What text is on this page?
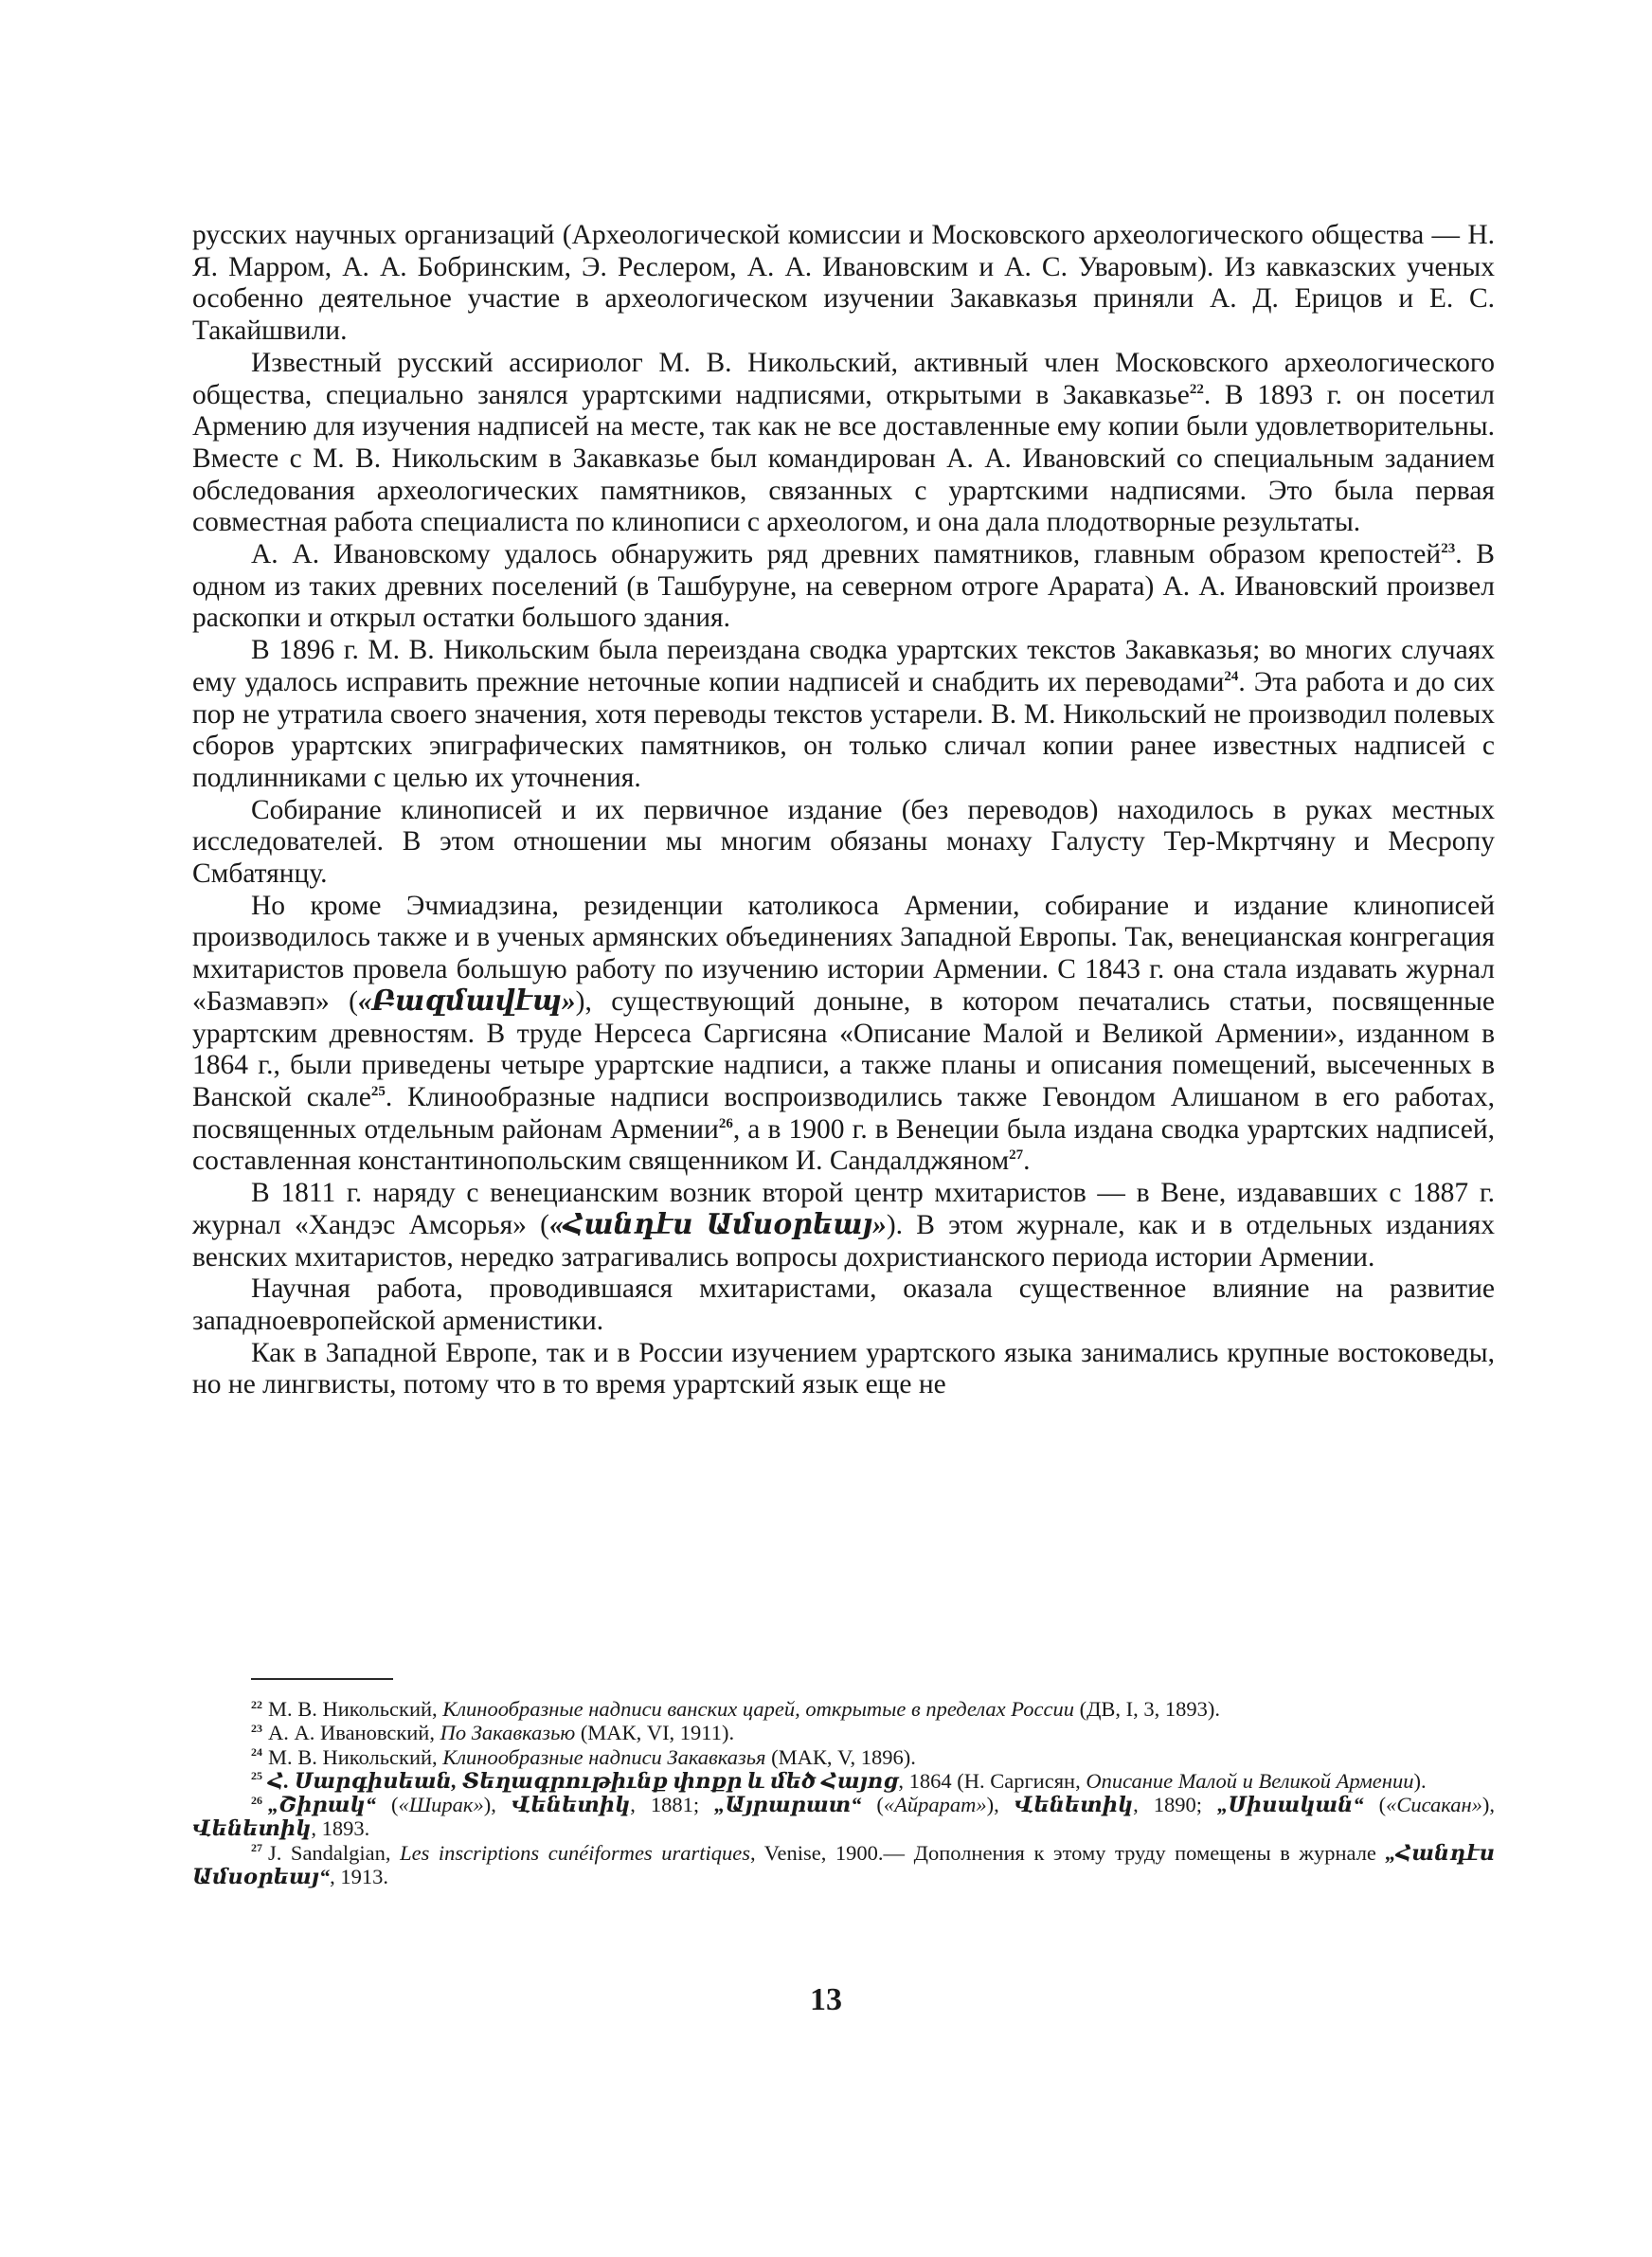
русских научных организаций (Археологической комиссии и Московского археологического общества — Н. Я. Марром, А. А. Бобринским, Э. Реслером, А. А. Ивановским и А. С. Уваровым). Из кавказских ученых особенно деятельное участие в археологическом изучении Закавказья приняли А. Д. Ерицов и Е. С. Такайшвили.

Известный русский ассириолог М. В. Никольский, активный член Московского археологического общества, специально занялся урартскими надписями, открытыми в Закавказье$^{22}$. В 1893 г. он посетил Армению для изучения надписей на месте, так как не все доставленные ему копии были удовлетворительны. Вместе с М. В. Никольским в Закавказье был командирован А. А. Ивановский со специальным заданием обследования археологических памятников, связанных с урартскими надписями. Это была первая совместная работа специалиста по клинописи с археологом, и она дала плодотворные результаты.

А. А. Ивановскому удалось обнаружить ряд древних памятников, главным образом крепостей$^{23}$. В одном из таких древних поселений (в Ташбуруне, на северном отроге Арарата) А. А. Ивановский произвел раскопки и открыл остатки большого здания.

В 1896 г. М. В. Никольским была переиздана сводка урартских текстов Закавказья; во многих случаях ему удалось исправить прежние неточные копии надписей и снабдить их переводами$^{24}$. Эта работа и до сих пор не утратила своего значения, хотя переводы текстов устарели. В. М. Никольский не производил полевых сборов урартских эпиграфических памятников, он только сличал копии ранее известных надписей с подлинниками с целью их уточнения.

Собирание клинописей и их первичное издание (без переводов) находилось в руках местных исследователей. В этом отношении мы многим обязаны монаху Галусту Тер-Мкртчяну и Месропу Смбатянцу.

Но кроме Эчмиадзина, резиденции католикоса Армении, собирание и издание клинописей производилось также и в ученых армянских объединениях Западной Европы. Так, венецианская конгрегация мхитаристов провела большую работу по изучению истории Армении. С 1843 г. она стала издавать журнал «Базмавэп» («Բազմավէպ»), существующий доныне, в котором печатались статьи, посвященные урартским древностям. В труде Нерсеса Саргисяна «Описание Малой и Великой Армении», изданном в 1864 г., были приведены четыре урартские надписи, а также планы и описания помещений, высеченных в Ванской скале$^{25}$. Клинообразные надписи воспроизводились также Гевондом Алишаном в его работах, посвященных отдельным районам Армении$^{26}$, а в 1900 г. в Венеции была издана сводка урартских надписей, составленная константинопольским священником И. Сандалджяном$^{27}$.

В 1811 г. наряду с венецианским возник второй центр мхитаристов — в Вене, издававших с 1887 г. журнал «Хандэс Амсорья» («Հանդէս Ամսօրեայ»). В этом журнале, как и в отдельных изданиях венских мхитаристов, нередко затрагивались вопросы дохристианского периода истории Армении.

Научная работа, проводившаяся мхитаристами, оказала существенное влияние на развитие западноевропейской арменистики.

Как в Западной Европе, так и в России изучением урартского языка занимались крупные востоковеды, но не лингвисты, потому что в то время урартский язык еще не

$^{22}$ М. В. Никольский, Клинообразные надписи ванских царей, открытые в пределах России (ДВ, I, 3, 1893).

$^{23}$ А. А. Ивановский, По Закавказью (МАК, VI, 1911).

$^{24}$ М. В. Никольский, Клинообразные надписи Закавказья (МАК, V, 1896).

$^{25}$ Հ. Սարգիսեան, Տեղագրութիւնք փոքր և մեծ Հայոց, 1864 (Н. Саргисян, Описание Малой и Великой Армении).

$^{26}$ „Շիրակ“ («Ширак»), Վենետիկ, 1881; „Այրարատ“ («Айрарат»), Վենետիկ, 1890; „Սիսական“ («Сисакан»), Վենետիկ, 1893.

$^{27}$ J. Sandalgian, Les inscriptions cunéiformes urartiques, Venise, 1900.— Дополнения к этому труду помещены в журнале „Հանդէս Ամսօրեայ“, 1913.

13
